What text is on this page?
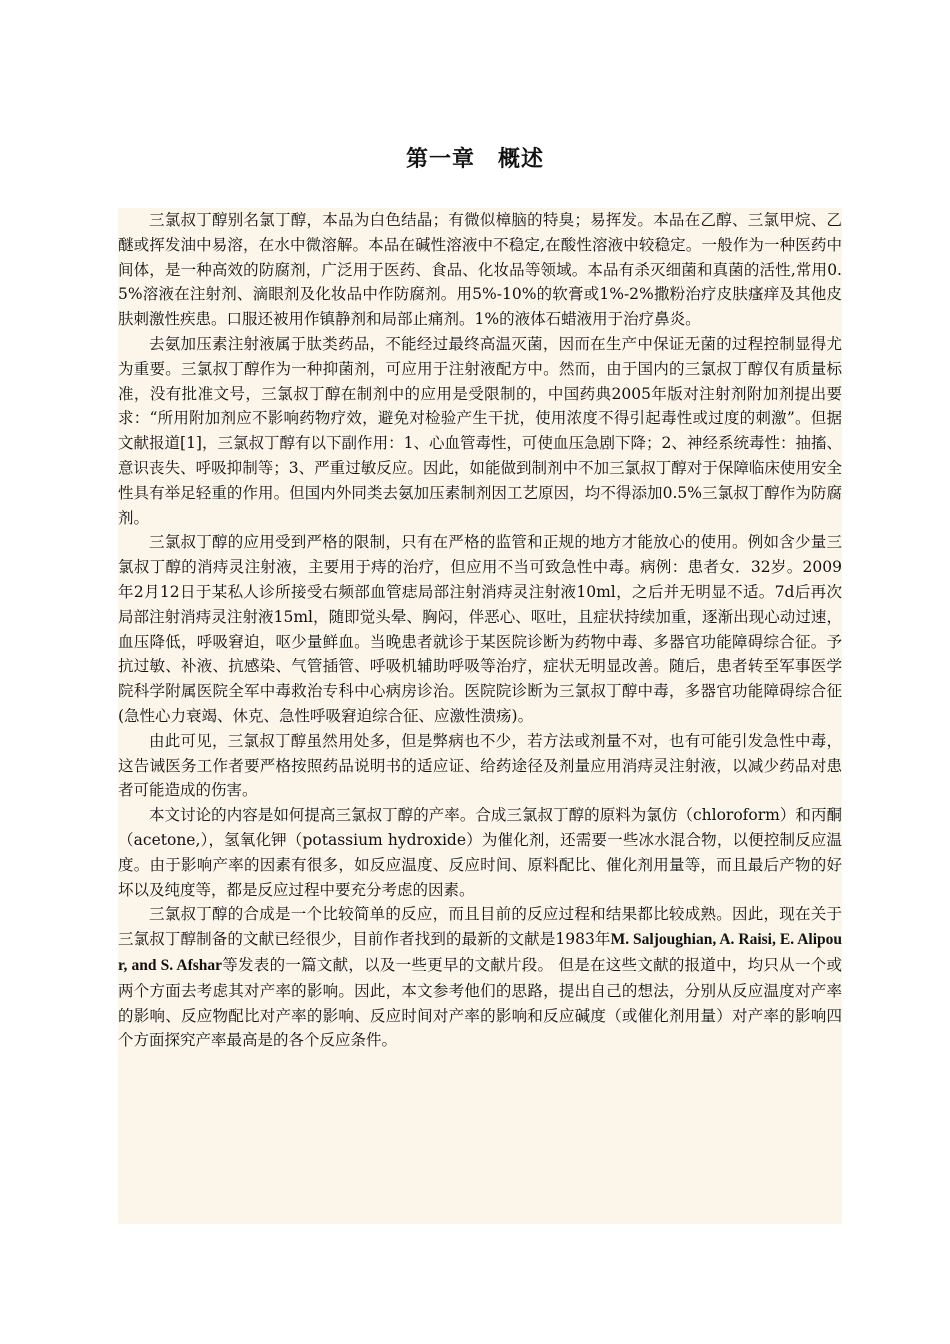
第一章　概述

三氯叔丁醇别名氯丁醇，本品为白色结晶；有微似樟脑的特臭；易挥发。本品在乙醇、三氯甲烷、乙醚或挥发油中易溶，在水中微溶解。本品在碱性溶液中不稳定,在酸性溶液中较稳定。一般作为一种医药中间体，是一种高效的防腐剂，广泛用于医药、食品、化妆品等领域。本品有杀灭细菌和真菌的活性,常用0.5%溶液在注射剂、滴眼剂及化妆品中作防腐剂。用5%-10%的软膏或1%-2%撒粉治疗皮肤瘙痒及其他皮肤刺激性疾患。口服还被用作镇静剂和局部止痛剂。1%的液体石蜡液用于治疗鼻炎。

去氨加压素注射液属于肽类药品，不能经过最终高温灭菌，因而在生产中保证无菌的过程控制显得尤为重要。三氯叔丁醇作为一种抑菌剂，可应用于注射液配方中。然而，由于国内的三氯叔丁醇仅有质量标准，没有批准文号，三氯叔丁醇在制剂中的应用是受限制的，中国药典2005年版对注射剂附加剂提出要求：“所用附加剂应不影响药物疗效，避免对检验产生干扰，使用浓度不得引起毒性或过度的刺激”。但据文献报道[1]，三氯叔丁醇有以下副作用：1、心血管毒性，可使血压急剧下降；2、神经系统毒性：抽搐、意识丧失、呼吸抑制等；3、严重过敏反应。因此，如能做到制剂中不加三氯叔丁醇对于保障临床使用安全性具有举足轻重的作用。但国内外同类去氨加压素制剂因工艺原因，均不得添加0.5%三氯叔丁醇作为防腐剂。

三氯叔丁醇的应用受到严格的限制，只有在严格的监管和正规的地方才能放心的使用。例如含少量三氯叔丁醇的消痔灵注射液，主要用于痔的治疗，但应用不当可致急性中毒。病例：患者女．32岁。2009年2月12日于某私人诊所接受右频部血管痣局部注射消痔灵注射液10ml，之后并无明显不适。7d后再次局部注射消痔灵注射液15ml，随即觉头晕、胸闷，伴恶心、呕吐，且症状持续加重，逐渐出现心动过速，血压降低，呼吸窘迫，呕少量鲜血。当晚患者就诊于某医院诊断为药物中毒、多器官功能障碍综合征。予抗过敏、补液、抗感染、气管插管、呼吸机辅助呼吸等治疗，症状无明显改善。随后，患者转至军事医学院科学附属医院全军中毒救治专科中心病房诊治。医院院诊断为三氯叔丁醇中毒，多器官功能障碍综合征(急性心力衰竭、休克、急性呼吸窘迫综合征、应激性溃疡)。

由此可见，三氯叔丁醇虽然用处多，但是弊病也不少，若方法或剂量不对，也有可能引发急性中毒，这告诫医务工作者要严格按照药品说明书的适应证、给药途径及剂量应用消痔灵注射液，以减少药品对患者可能造成的伤害。

本文讨论的内容是如何提高三氯叔丁醇的产率。合成三氯叔丁醇的原料为氯仿（chloroform）和丙酮（acetone,），氢氧化钾（potassium hydroxide）为催化剂，还需要一些冰水混合物，以便控制反应温度。由于影响产率的因素有很多，如反应温度、反应时间、原料配比、催化剂用量等，而且最后产物的好坏以及纯度等，都是反应过程中要充分考虑的因素。

三氯叔丁醇的合成是一个比较简单的反应，而且目前的反应过程和结果都比较成熟。因此，现在关于三氯叔丁醇制备的文献已经很少，目前作者找到的最新的文献是1983年M. Saljoughian, A. Raisi, E. Alipour, and S. Afshar等发表的一篇文献，以及一些更早的文献片段。 但是在这些文献的报道中，均只从一个或两个方面去考虑其对产率的影响。因此，本文参考他们的思路，提出自己的想法，分别从反应温度对产率的影响、反应物配比对产率的影响、反应时间对产率的影响和反应碱度（或催化剂用量）对产率的影响四个方面探究产率最高是的各个反应条件。
